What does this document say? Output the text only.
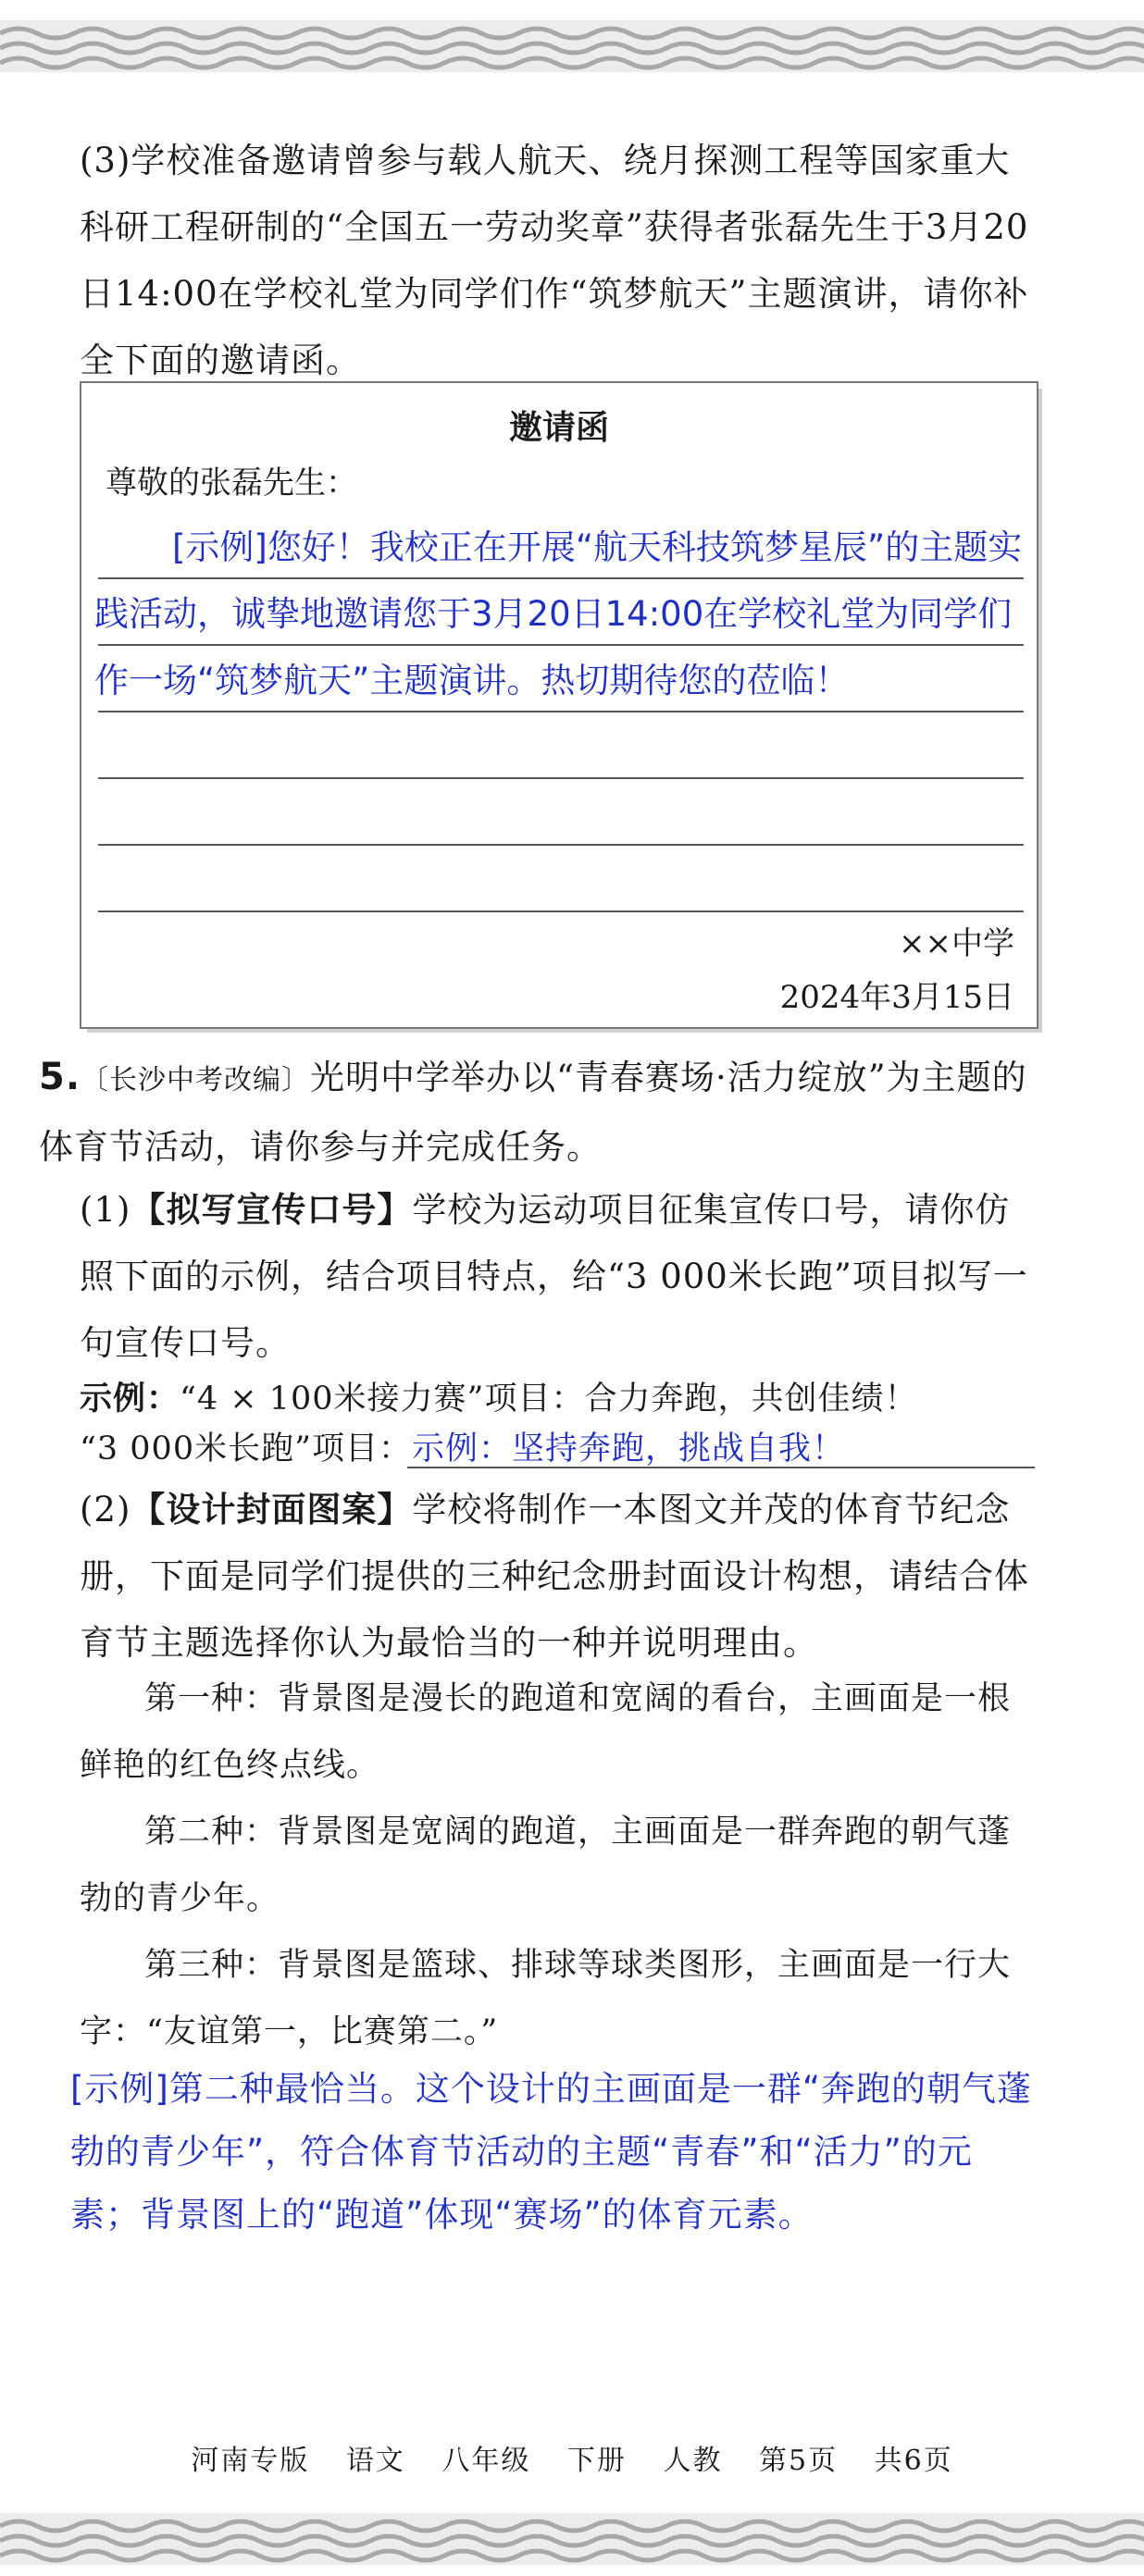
(3)学校准备邀请曾参与载人航天、绕月探测工程等国家重大科研工程研制的“全国五一劳动奖章”获得者张磊先生于3月20日14:00在学校礼堂为同学们作“筑梦航天”主题演讲，请你补全下面的邀请函。

邀请函
尊敬的张磊先生：
[示例]您好！我校正在开展“航天科技筑梦星辰”的主题实践活动，诚挚地邀请您于3月20日14:00在学校礼堂为同学们作一场“筑梦航天”主题演讲。热切期待您的莅临！
××中学
2024年3月15日

5.〔长沙中考改编〕光明中学举办以“青春赛场·活力绽放”为主题的体育节活动，请你参与并完成任务。

(1)【拟写宣传口号】学校为运动项目征集宣传口号，请你仿照下面的示例，结合项目特点，给“3 000米长跑”项目拟写一句宣传口号。

示例：“4 × 100米接力赛”项目：合力奔跑，共创佳绩！

“3 000米长跑”项目：示例：坚持奔跑，挑战自我！

(2)【设计封面图案】学校将制作一本图文并茂的体育节纪念册，下面是同学们提供的三种纪念册封面设计构想，请结合体育节主题选择你认为最恰当的一种并说明理由。

第一种：背景图是漫长的跑道和宽阔的看台，主画面是一根鲜艳的红色终点线。

第二种：背景图是宽阔的跑道，主画面是一群奔跑的朝气蓬勃的青少年。

第三种：背景图是篮球、排球等球类图形，主画面是一行大字：“友谊第一，比赛第二。”

[示例]第二种最恰当。这个设计的主画面是一群“奔跑的朝气蓬勃的青少年”，符合体育节活动的主题“青春”和“活力”的元素；背景图上的“跑道”体现“赛场”的体育元素。

河南专版 语文 八年级 下册 人教 第5页 共6页
